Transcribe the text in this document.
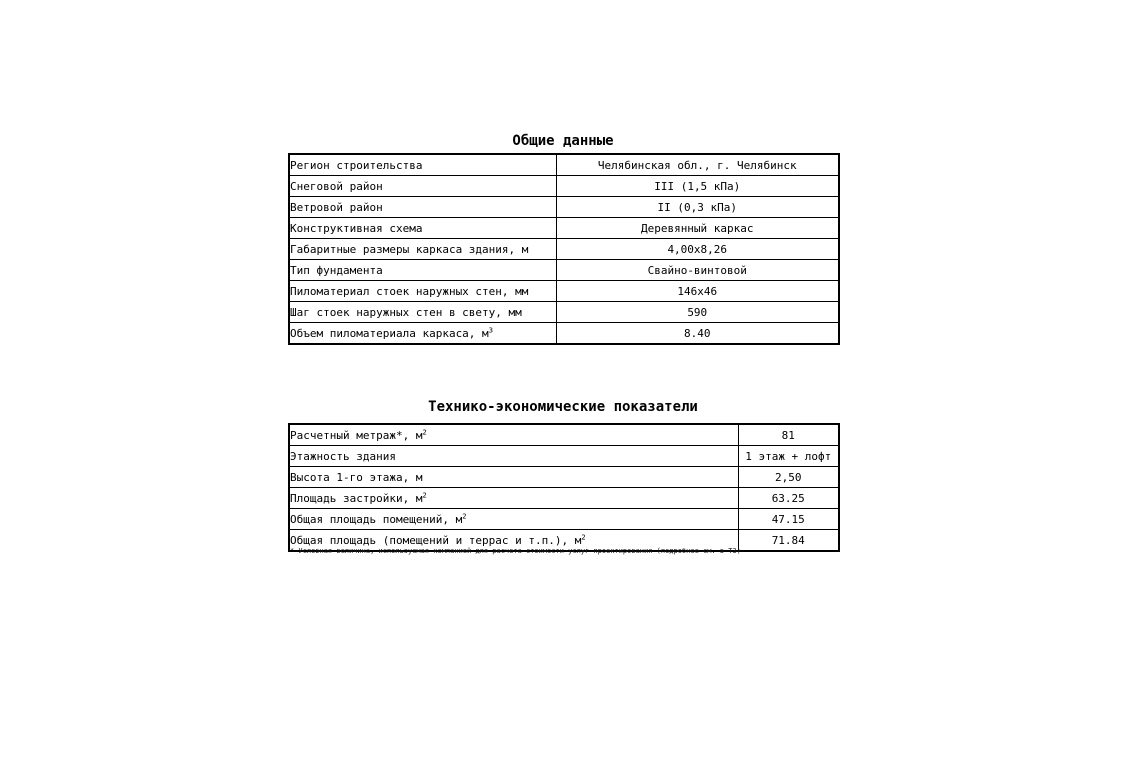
Общие данные
Регион строительства	Челябинская обл., г. Челябинск
Снеговой район	III (1,5 кПа)
Ветровой район	II (0,3 кПа)
Конструктивная схема	Деревянный каркас
Габаритные размеры каркаса здания, м	4,00x8,26
Тип фундамента	Свайно-винтовой
Пиломатериал стоек наружных стен, мм	146x46
Шаг стоек наружных стен в свету, мм	590
Объем пиломатериала каркаса, $м^3$	8.40
Технико-экономические показатели
Расчетный метраж*, $м^2$	81
Этажность здания	1 этаж + лофт
Высота 1-го этажа, м	2,50
Площадь застройки, $м^2$	63.25
Общая площадь помещений, $м^2$	47.15
Общая площадь (помещений и террас и т.п.), $м^2$	71.84
* Условная величина, используемая компанией для расчета стоимости услуг проектирования (подробнее см. в ТЗ)
